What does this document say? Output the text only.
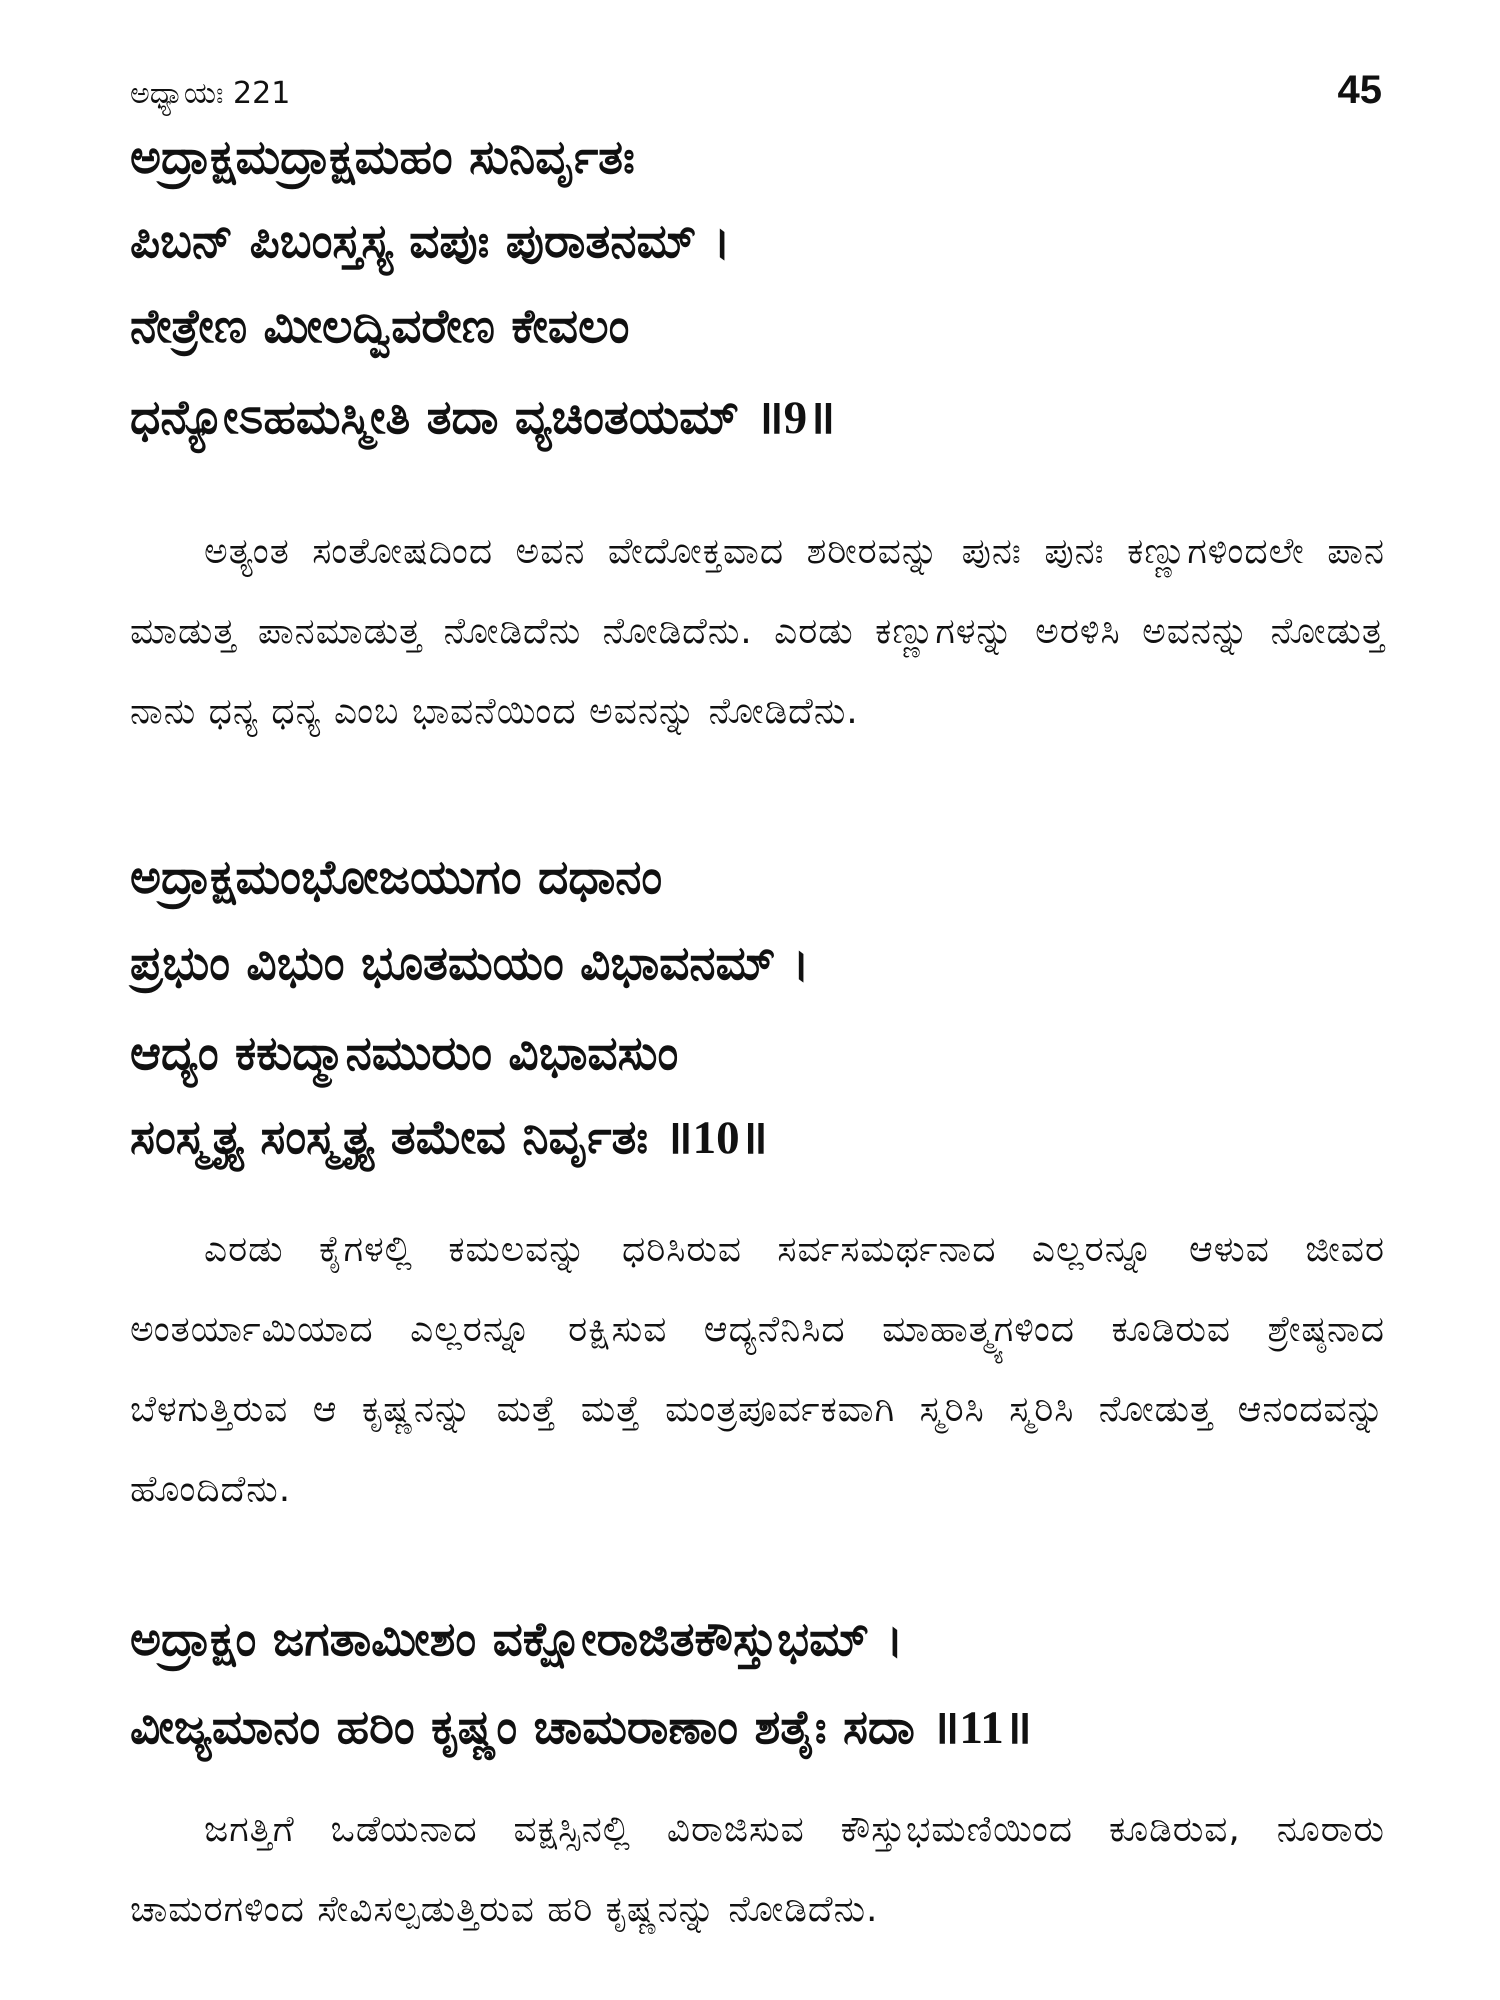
ಅಧ್ಯಾಯಃ 221	45
ಅದ್ರಾಕ್ಷಮದ್ರಾಕ್ಷಮಹಂ ಸುನಿರ್ವೃತಃ
ಪಿಬನ್ ಪಿಬಂಸ್ತಸ್ಯ ವಪುಃ ಪುರಾತನಮ್ ।
ನೇತ್ರೇಣ ಮೀಲದ್ವಿವರೇಣ ಕೇವಲಂ
ಧನ್ಯೋಽಹಮಸ್ಮೀತಿ ತದಾ ವ್ಯಚಿಂತಯಮ್ ॥9॥

ಅತ್ಯಂತ ಸಂತೋಷದಿಂದ ಅವನ ವೇದೋಕ್ತವಾದ ಶರೀರವನ್ನು ಪುನಃ ಪುನಃ ಕಣ್ಣುಗಳಿಂದಲೇ ಪಾನ ಮಾಡುತ್ತ ಪಾನಮಾಡುತ್ತ ನೋಡಿದೆನು ನೋಡಿದೆನು. ಎರಡು ಕಣ್ಣುಗಳನ್ನು ಅರಳಿಸಿ ಅವನನ್ನು ನೋಡುತ್ತ ನಾನು ಧನ್ಯ ಧನ್ಯ ಎಂಬ ಭಾವನೆಯಿಂದ ಅವನನ್ನು ನೋಡಿದೆನು.

ಅದ್ರಾಕ್ಷಮಂಭೋಜಯುಗಂ ದಧಾನಂ
ಪ್ರಭುಂ ವಿಭುಂ ಭೂತಮಯಂ ವಿಭಾವನಮ್ ।
ಆದ್ಯಂ ಕಕುದ್ಮಾನಮುರುಂ ವಿಭಾವಸುಂ
ಸಂಸ್ಮೃತ್ಯ ಸಂಸ್ಮೃತ್ಯ ತಮೇವ ನಿರ್ವೃತಃ ॥10॥

ಎರಡು ಕೈಗಳಲ್ಲಿ ಕಮಲವನ್ನು ಧರಿಸಿರುವ ಸರ್ವಸಮರ್ಥನಾದ ಎಲ್ಲರನ್ನೂ ಆಳುವ ಜೀವರ ಅಂತರ್ಯಾಮಿಯಾದ ಎಲ್ಲರನ್ನೂ ರಕ್ಷಿಸುವ ಆದ್ಯನೆನಿಸಿದ ಮಾಹಾತ್ಮ್ಯಗಳಿಂದ ಕೂಡಿರುವ ಶ್ರೇಷ್ಠನಾದ ಬೆಳಗುತ್ತಿರುವ ಆ ಕೃಷ್ಣನನ್ನು ಮತ್ತೆ ಮತ್ತೆ ಮಂತ್ರಪೂರ್ವಕವಾಗಿ ಸ್ಮರಿಸಿ ಸ್ಮರಿಸಿ ನೋಡುತ್ತ ಆನಂದವನ್ನು ಹೊಂದಿದೆನು.

ಅದ್ರಾಕ್ಷಂ ಜಗತಾಮೀಶಂ ವಕ್ಷೋರಾಜಿತಕೌಸ್ತುಭಮ್ ।
ವೀಜ್ಯಮಾನಂ ಹರಿಂ ಕೃಷ್ಣಂ ಚಾಮರಾಣಾಂ ಶತೈಃ ಸದಾ ॥11॥

ಜಗತ್ತಿಗೆ ಒಡೆಯನಾದ ವಕ್ಷಸ್ಸಿನಲ್ಲಿ ವಿರಾಜಿಸುವ ಕೌಸ್ತುಭಮಣಿಯಿಂದ ಕೂಡಿರುವ, ನೂರಾರು ಚಾಮರಗಳಿಂದ ಸೇವಿಸಲ್ಪಡುತ್ತಿರುವ ಹರಿ ಕೃಷ್ಣನನ್ನು ನೋಡಿದೆನು.
